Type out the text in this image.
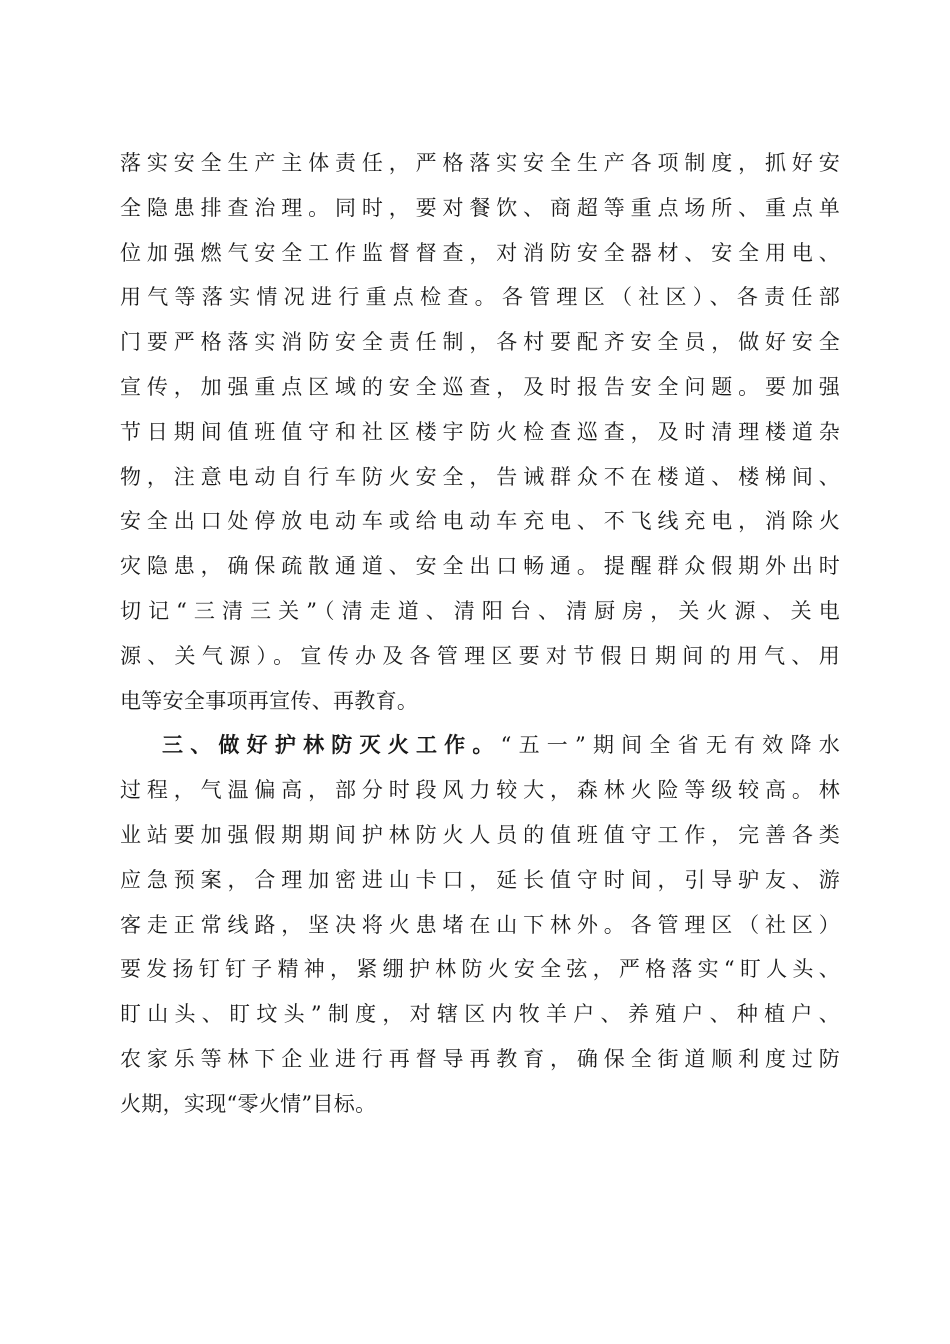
落实安全生产主体责任，严格落实安全生产各项制度，抓好安
全隐患排查治理。同时，要对餐饮、商超等重点场所、重点单
位加强燃气安全工作监督督查，对消防安全器材、安全用电、
用气等落实情况进行重点检查。各管理区（社区）、各责任部
门要严格落实消防安全责任制，各村要配齐安全员，做好安全
宣传，加强重点区域的安全巡查，及时报告安全问题。要加强
节日期间值班值守和社区楼宇防火检查巡查，及时清理楼道杂
物，注意电动自行车防火安全，告诫群众不在楼道、楼梯间、
安全出口处停放电动车或给电动车充电、不飞线充电，消除火
灾隐患，确保疏散通道、安全出口畅通。提醒群众假期外出时
切记“三清三关”（清走道、清阳台、清厨房，关火源、关电
源、关气源）。宣传办及各管理区要对节假日期间的用气、用
电等安全事项再宣传、再教育。
三、做好护林防灭火工作。“五一”期间全省无有效降水
过程，气温偏高，部分时段风力较大，森林火险等级较高。林
业站要加强假期期间护林防火人员的值班值守工作，完善各类
应急预案，合理加密进山卡口，延长值守时间，引导驴友、游
客走正常线路，坚决将火患堵在山下林外。各管理区（社区）
要发扬钉钉子精神，紧绷护林防火安全弦，严格落实“盯人头、
盯山头、盯坟头”制度，对辖区内牧羊户、养殖户、种植户、
农家乐等林下企业进行再督导再教育，确保全街道顺利度过防
火期，实现“零火情”目标。
